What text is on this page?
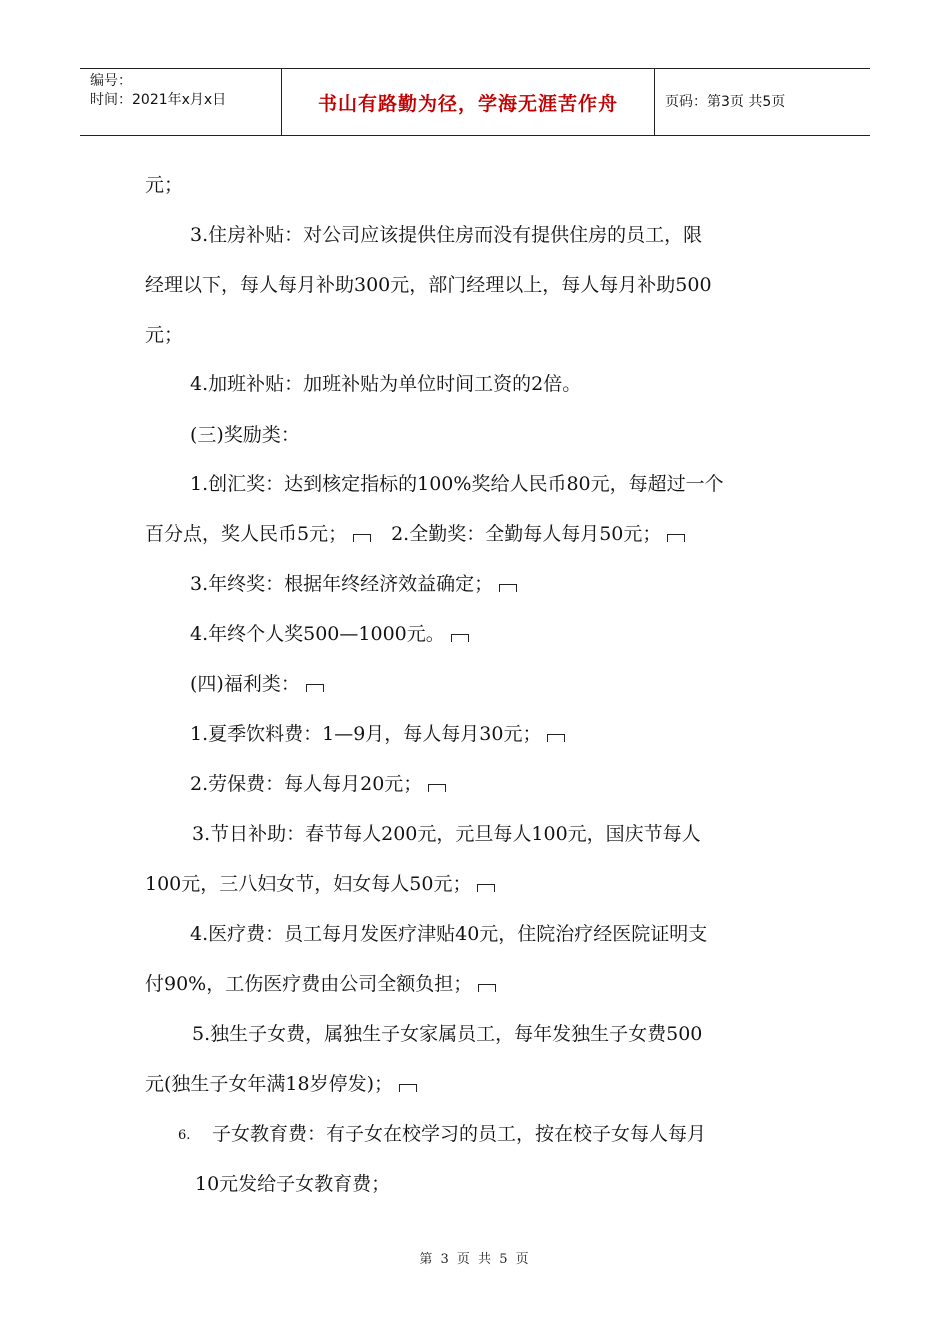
编号：
时间：2021年x月x日	书山有路勤为径，学海无涯苦作舟	页码：第3页 共5页
元；
3.住房补贴：对公司应该提供住房而没有提供住房的员工，限
经理以下，每人每月补助300元，部门经理以上，每人每月补助500
元；
4.加班补贴：加班补贴为单位时间工资的2倍。
(三)奖励类：
1.创汇奖：达到核定指标的100%奖给人民币80元，每超过一个
百分点，奖人民币5元； 2.全勤奖：全勤每人每月50元；
3.年终奖：根据年终经济效益确定；
4.年终个人奖500—1000元。
(四)福利类：
1.夏季饮料费：1—9月，每人每月30元；
2.劳保费：每人每月20元；
3.节日补助：春节每人200元，元旦每人100元，国庆节每人
100元，三八妇女节，妇女每人50元；
4.医疗费：员工每月发医疗津贴40元，住院治疗经医院证明支
付90%，工伤医疗费由公司全额负担；
5.独生子女费，属独生子女家属员工，每年发独生子女费500
元(独生子女年满18岁停发)；
6. 子女教育费：有子女在校学习的员工，按在校子女每人每月
10元发给子女教育费；
第 3 页 共 5 页
